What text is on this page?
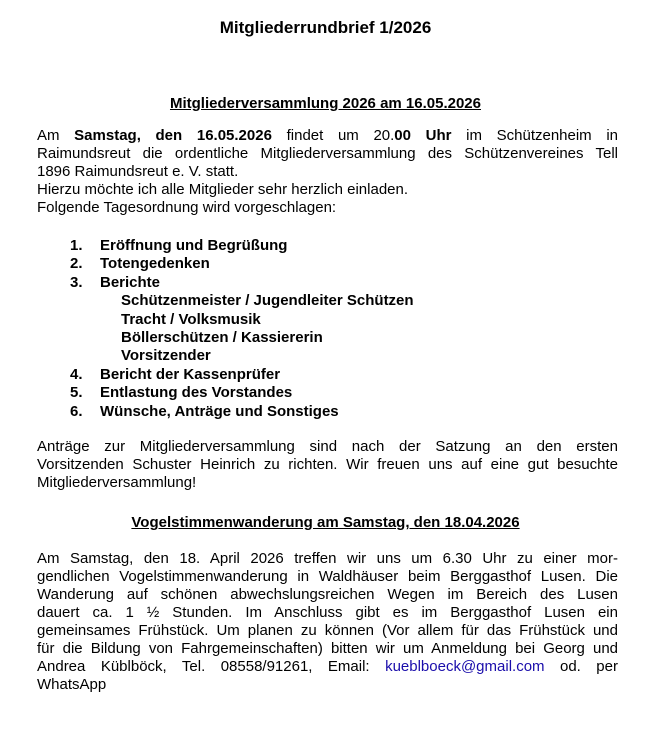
Mitgliederrundbrief 1/2026
Mitgliederversammlung 2026 am 16.05.2026
Am Samstag, den 16.05.2026 findet um 20.00 Uhr im Schützenheim in
Raimundsreut die ordentliche Mitgliederversammlung des Schützenvereines Tell
1896 Raimundsreut e. V. statt.
Hierzu möchte ich alle Mitglieder sehr herzlich einladen.
Folgende Tagesordnung wird vorgeschlagen:
1. Eröffnung und Begrüßung
2. Totengedenken
3. Berichte
Schützenmeister / Jugendleiter Schützen
Tracht / Volksmusik
Böllerschützen / Kassiererin
Vorsitzender
4. Bericht der Kassenprüfer
5. Entlastung des Vorstandes
6. Wünsche, Anträge und Sonstiges
Anträge zur Mitgliederversammlung sind nach der Satzung an den ersten
Vorsitzenden Schuster Heinrich zu richten. Wir freuen uns auf eine gut besuchte
Mitgliederversammlung!
Vogelstimmenwanderung am Samstag, den 18.04.2026
Am Samstag, den 18. April 2026 treffen wir uns um 6.30 Uhr zu einer mor-
gendlichen Vogelstimmenwanderung in Waldhäuser beim Berggasthof Lusen. Die
Wanderung auf schönen abwechslungsreichen Wegen im Bereich des Lusen
dauert ca. 1 ½ Stunden. Im Anschluss gibt es im Berggasthof Lusen ein
gemeinsames Frühstück. Um planen zu können (Vor allem für das Frühstück und
für die Bildung von Fahrgemeinschaften) bitten wir um Anmeldung bei Georg und
Andrea Küblböck, Tel. 08558/91261, Email: kueblboeck@gmail.com od. per
WhatsApp
